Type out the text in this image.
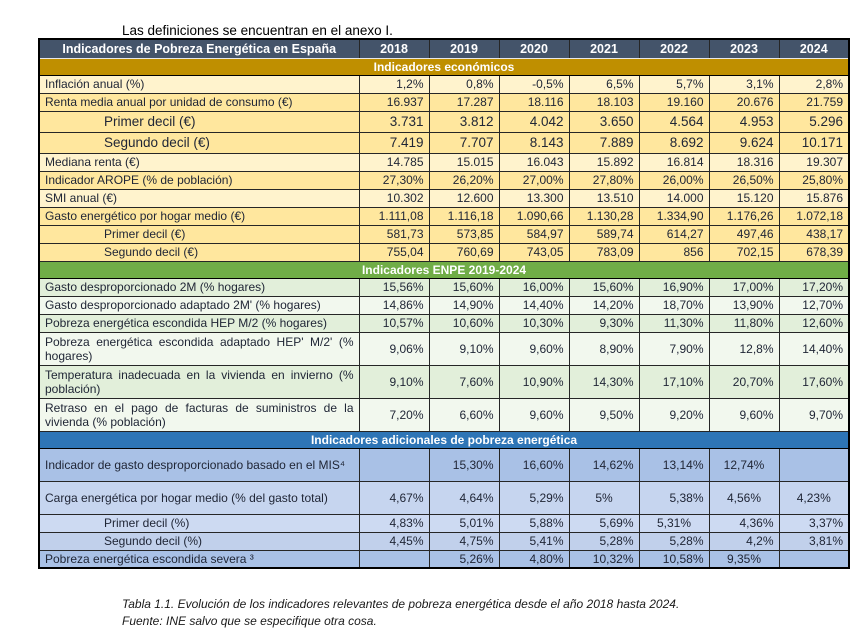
Las definiciones se encuentran en el anexo I.

Indicadores de Pobreza Energética en España	2018	2019	2020	2021	2022	2023	2024
Indicadores económicos							
Inflación anual (%)	1,2%	0,8%	-0,5%	6,5%	5,7%	3,1%	2,8%
Renta media anual por unidad de consumo (€)	16.937	17.287	18.116	18.103	19.160	20.676	21.759
Primer decil (€)	3.731	3.812	4.042	3.650	4.564	4.953	5.296
Segundo decil (€)	7.419	7.707	8.143	7.889	8.692	9.624	10.171
Mediana renta (€)	14.785	15.015	16.043	15.892	16.814	18.316	19.307
Indicador AROPE (% de población)	27,30%	26,20%	27,00%	27,80%	26,00%	26,50%	25,80%
SMI anual (€)	10.302	12.600	13.300	13.510	14.000	15.120	15.876
Gasto energético por hogar medio (€)	1.111,08	1.116,18	1.090,66	1.130,28	1.334,90	1.176,26	1.072,18
Primer decil (€)	581,73	573,85	584,97	589,74	614,27	497,46	438,17
Segundo decil (€)	755,04	760,69	743,05	783,09	856	702,15	678,39
Indicadores ENPE 2019-2024							
Gasto desproporcionado 2M (% hogares)	15,56%	15,60%	16,00%	15,60%	16,90%	17,00%	17,20%
Gasto desproporcionado adaptado 2M' (% hogares)	14,86%	14,90%	14,40%	14,20%	18,70%	13,90%	12,70%
Pobreza energética escondida HEP M/2 (% hogares)	10,57%	10,60%	10,30%	9,30%	11,30%	11,80%	12,60%
Pobreza energética escondida adaptado HEP' M/2' (% hogares)	9,06%	9,10%	9,60%	8,90%	7,90%	12,8%	14,40%
Temperatura inadecuada en la vivienda en invierno (% población)	9,10%	7,60%	10,90%	14,30%	17,10%	20,70%	17,60%
Retraso en el pago de facturas de suministros de la vivienda (% población)	7,20%	6,60%	9,60%	9,50%	9,20%	9,60%	9,70%
Indicadores adicionales de pobreza energética							
Indicador de gasto desproporcionado basado en el MIS⁴		15,30%	16,60%	14,62%	13,14%	12,74%	
Carga energética por hogar medio (% del gasto total)	4,67%	4,64%	5,29%	5%	5,38%	4,56%	4,23%
Primer decil (%)	4,83%	5,01%	5,88%	5,69%	5,31%	4,36%	3,37%
Segundo decil (%)	4,45%	4,75%	5,41%	5,28%	5,28%	4,2%	3,81%
Pobreza energética escondida severa ³		5,26%	4,80%	10,32%	10,58%	9,35%	
Tabla 1.1. Evolución de los indicadores relevantes de pobreza energética desde el año 2018 hasta 2024.
Fuente: INE salvo que se especifique otra cosa.
